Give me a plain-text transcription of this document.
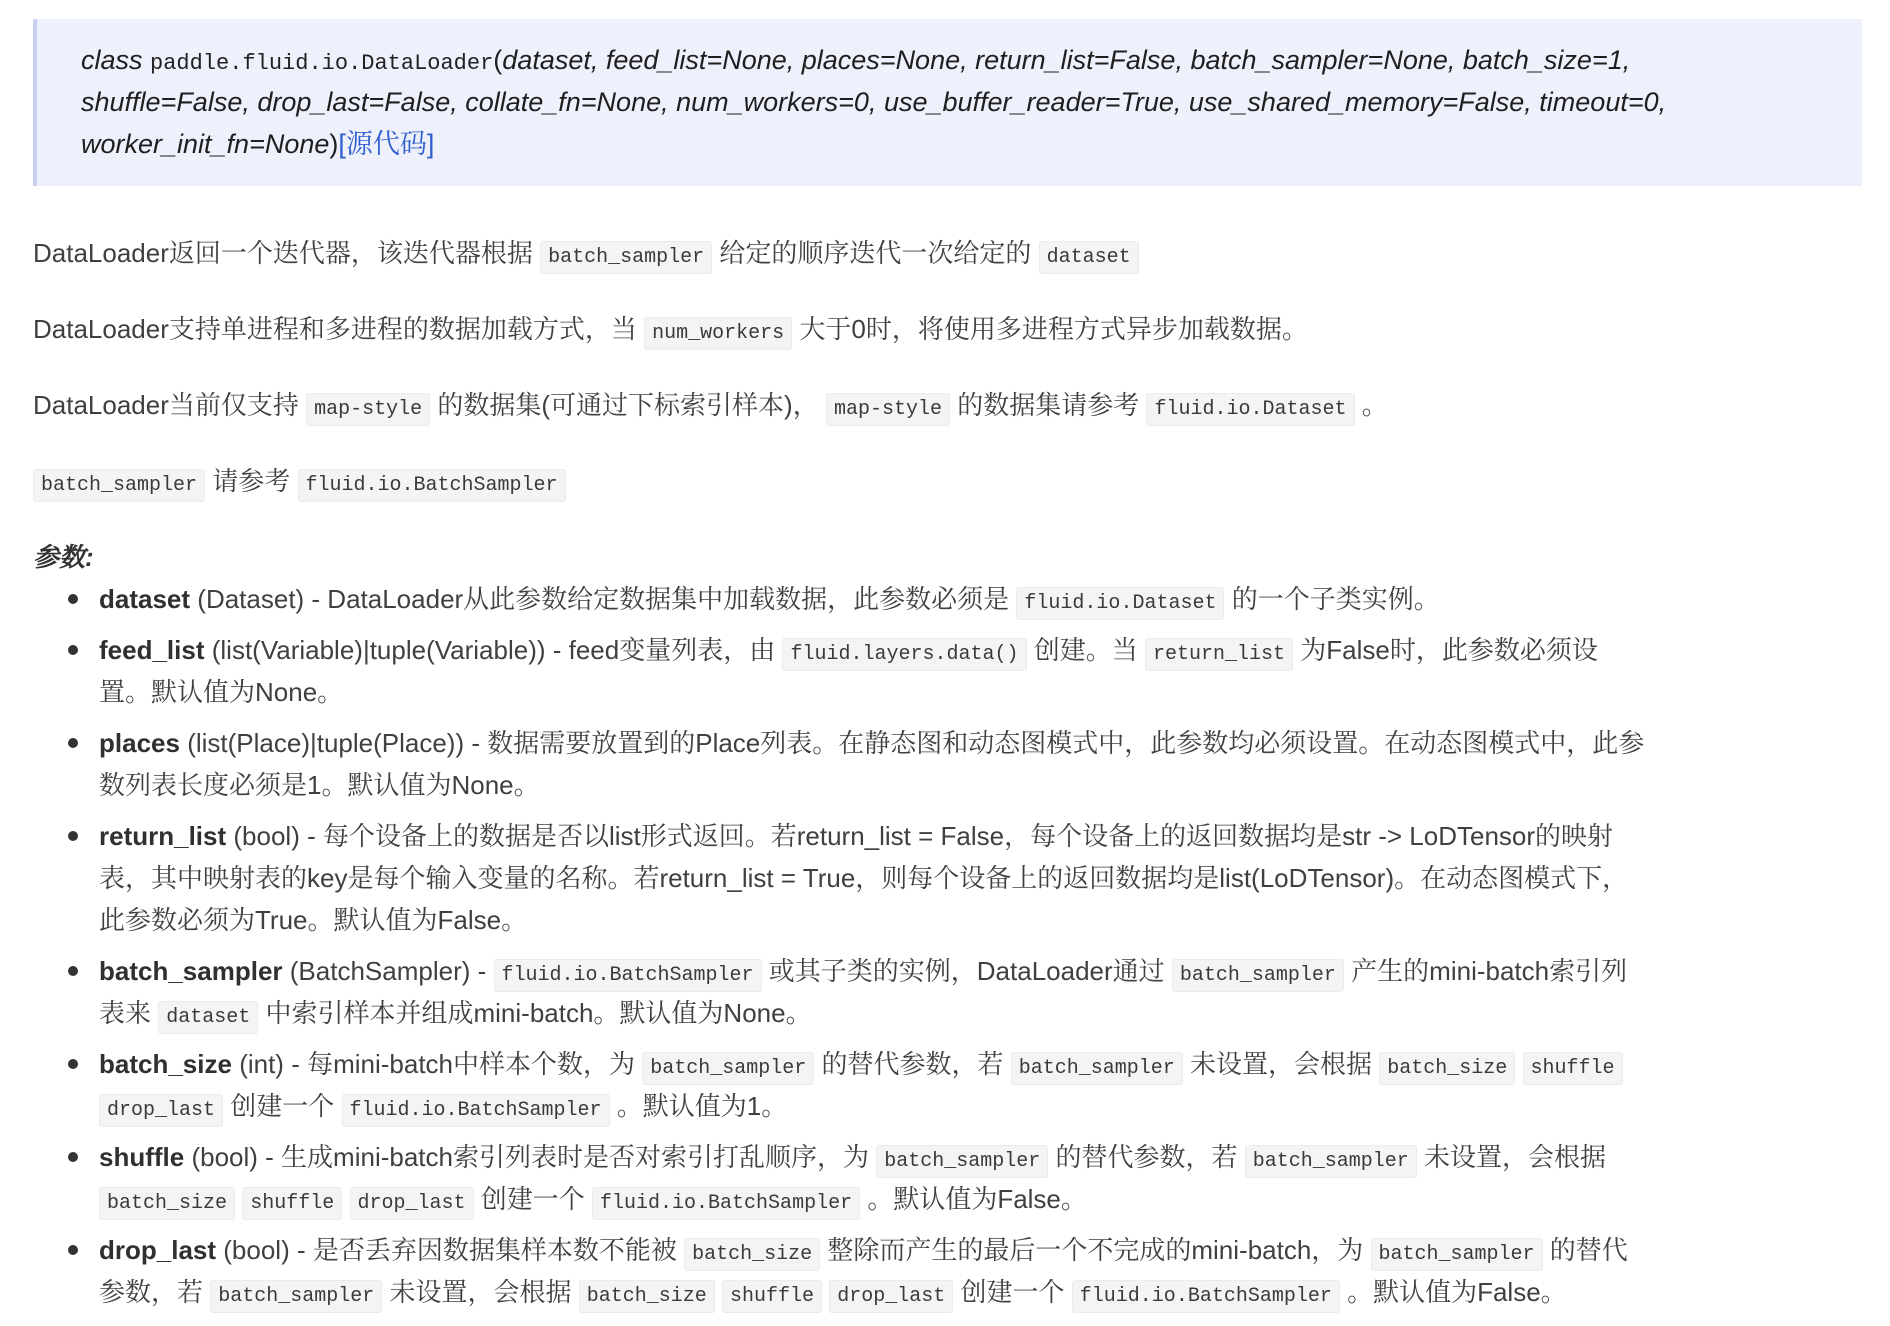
class paddle.fluid.io.DataLoader(dataset, feed_list=None, places=None, return_list=False, batch_sampler=None, batch_size=1,
shuffle=False, drop_last=False, collate_fn=None, num_workers=0, use_buffer_reader=True, use_shared_memory=False, timeout=0,
worker_init_fn=None)[源代码]
DataLoader返回一个迭代器，该迭代器根据 batch_sampler 给定的顺序迭代一次给定的 dataset
DataLoader支持单进程和多进程的数据加载方式，当 num_workers 大于0时，将使用多进程方式异步加载数据。
DataLoader当前仅支持 map-style 的数据集(可通过下标索引样本)， map-style 的数据集请参考 fluid.io.Dataset 。
batch_sampler 请参考 fluid.io.BatchSampler
参数:
dataset (Dataset) - DataLoader从此参数给定数据集中加载数据，此参数必须是 fluid.io.Dataset 的一个子类实例。
feed_list (list(Variable)|tuple(Variable)) - feed变量列表，由 fluid.layers.data() 创建。当 return_list 为False时，此参数必须设
置。默认值为None。
places (list(Place)|tuple(Place)) - 数据需要放置到的Place列表。在静态图和动态图模式中，此参数均必须设置。在动态图模式中，此参
数列表长度必须是1。默认值为None。
return_list (bool) - 每个设备上的数据是否以list形式返回。若return_list = False，每个设备上的返回数据均是str -> LoDTensor的映射
表，其中映射表的key是每个输入变量的名称。若return_list = True，则每个设备上的返回数据均是list(LoDTensor)。在动态图模式下，
此参数必须为True。默认值为False。
batch_sampler (BatchSampler) - fluid.io.BatchSampler 或其子类的实例，DataLoader通过 batch_sampler 产生的mini-batch索引列
表来 dataset 中索引样本并组成mini-batch。默认值为None。
batch_size (int) - 每mini-batch中样本个数，为 batch_sampler 的替代参数，若 batch_sampler 未设置，会根据 batch_size shuffle
drop_last 创建一个 fluid.io.BatchSampler 。默认值为1。
shuffle (bool) - 生成mini-batch索引列表时是否对索引打乱顺序，为 batch_sampler 的替代参数，若 batch_sampler 未设置，会根据
batch_size shuffle drop_last 创建一个 fluid.io.BatchSampler 。默认值为False。
drop_last (bool) - 是否丢弃因数据集样本数不能被 batch_size 整除而产生的最后一个不完成的mini-batch，为 batch_sampler 的替代
参数，若 batch_sampler 未设置，会根据 batch_size shuffle drop_last 创建一个 fluid.io.BatchSampler 。默认值为False。
